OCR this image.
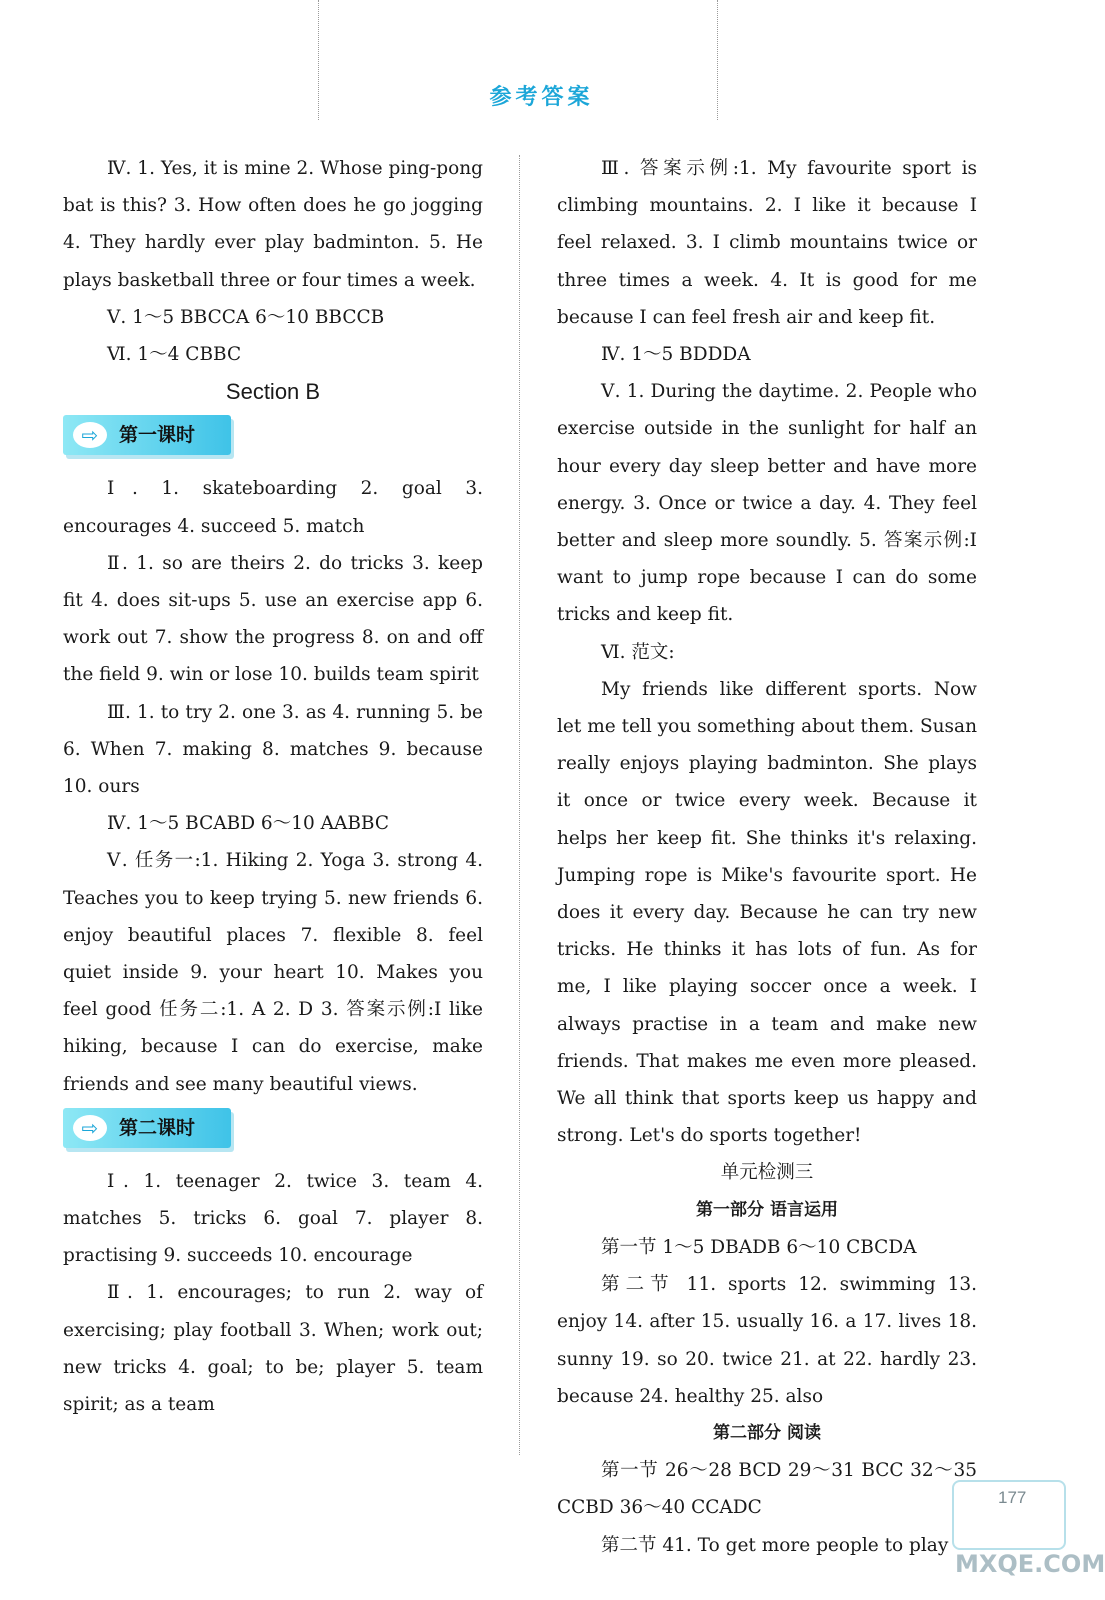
参考答案

Ⅳ. 1. Yes, it is mine 2. Whose ping-pong bat is this? 3. How often does he go jogging 4. They hardly ever play badminton. 5. He plays basketball three or four times a week.

Ⅴ. 1～5 BBCCA 6～10 BBCCB

Ⅵ. 1～4 CBBC

Section B

⇨	第一课时

Ⅰ. 1. skateboarding 2. goal 3. encourages 4. succeed 5. match

Ⅱ. 1. so are theirs 2. do tricks 3. keep fit 4. does sit-ups 5. use an exercise app 6. work out 7. show the progress 8. on and off the field 9. win or lose 10. builds team spirit

Ⅲ. 1. to try 2. one 3. as 4. running 5. be 6. When 7. making 8. matches 9. because 10. ours

Ⅳ. 1～5 BCABD 6～10 AABBC

Ⅴ. 任务一:1. Hiking 2. Yoga 3. strong 4. Teaches you to keep trying 5. new friends 6. enjoy beautiful places 7. flexible 8. feel quiet inside 9. your heart 10. Makes you feel good 任务二:1. A 2. D 3. 答案示例:I like hiking, because I can do exercise, make friends and see many beautiful views.

⇨	第二课时

Ⅰ. 1. teenager 2. twice 3. team 4. matches 5. tricks 6. goal 7. player 8. practising 9. succeeds 10. encourage

Ⅱ. 1. encourages; to run 2. way of exercising; play football 3. When; work out; new tricks 4. goal; to be; player 5. team spirit; as a team

Ⅲ. 答案示例:1. My favourite sport is climbing mountains. 2. I like it because I feel relaxed. 3. I climb mountains twice or three times a week. 4. It is good for me because I can feel fresh air and keep fit.

Ⅳ. 1～5 BDDDA

Ⅴ. 1. During the daytime. 2. People who exercise outside in the sunlight for half an hour every day sleep better and have more energy. 3. Once or twice a day. 4. They feel better and sleep more soundly. 5. 答案示例:I want to jump rope because I can do some tricks and keep fit.

Ⅵ. 范文:

My friends like different sports. Now let me tell you something about them. Susan really enjoys playing badminton. She plays it once or twice every week. Because it helps her keep fit. She thinks it's relaxing. Jumping rope is Mike's favourite sport. He does it every day. Because he can try new tricks. He thinks it has lots of fun. As for me, I like playing soccer once a week. I always practise in a team and make new friends. That makes me even more pleased. We all think that sports keep us happy and strong. Let's do sports together!

单元检测三

第一部分 语言运用

第一节 1～5 DBADB 6～10 CBCDA

第二节 11. sports 12. swimming 13. enjoy 14. after 15. usually 16. a 17. lives 18. sunny 19. so 20. twice 21. at 22. hardly 23. because 24. healthy 25. also

第二部分 阅读

第一节 26～28 BCD 29～31 BCC 32～35 CCBD 36～40 CCADC

第二节 41. To get more people to play

177
MXQE.COM
